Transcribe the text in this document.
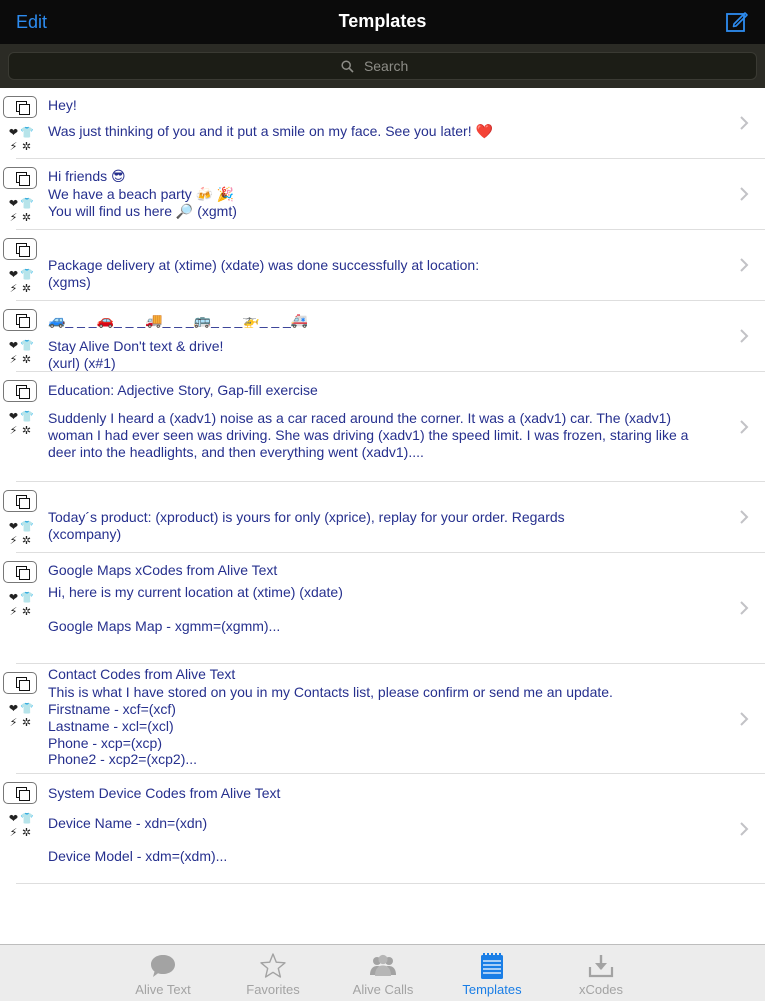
Edit	Templates
Search
❤ 👕⚡ ✲
Hey!
Was just thinking of you and it put a smile on my face. See you later! ❤️
❤ 👕⚡ ✲
Hi friends 😎
We have a beach party 🍻 🎉
You will find us here 🔎 (xgmt)
❤ 👕⚡ ✲
Package delivery at (xtime) (xdate) was done successfully at location:
(xgms)
❤ 👕⚡ ✲
🚙_ _ _🚗_ _ _🚚_ _ _🚌_ _ _🚁_ _ _🚑
Stay Alive Don't text & drive!
(xurl) (x#1)
❤ 👕⚡ ✲
Education: Adjective Story, Gap-fill exercise
Suddenly I heard a (xadv1) noise as a car raced around the corner. It was a (xadv1) car. The (xadv1)
woman I had ever seen was driving. She was driving (xadv1) the speed limit. I was frozen, staring like a
deer into the headlights, and then everything went (xadv1)....
❤ 👕⚡ ✲
Today´s product: (xproduct) is yours for only (xprice), replay for your order. Regards
(xcompany)
❤ 👕⚡ ✲
Google Maps xCodes from Alive Text
Hi, here is my current location at (xtime) (xdate)
Google Maps Map - xgmm=(xgmm)...
❤ 👕⚡ ✲
Contact Codes from Alive Text
This is what I have stored on you in my Contacts list, please confirm or send me an update.
Firstname - xcf=(xcf)
Lastname - xcl=(xcl)
Phone - xcp=(xcp)
Phone2 - xcp2=(xcp2)...
❤ 👕⚡ ✲
System Device Codes from Alive Text
Device Name - xdn=(xdn)
Device Model - xdm=(xdm)...
Alive Text	Favorites	Alive Calls	Templates	xCodes
